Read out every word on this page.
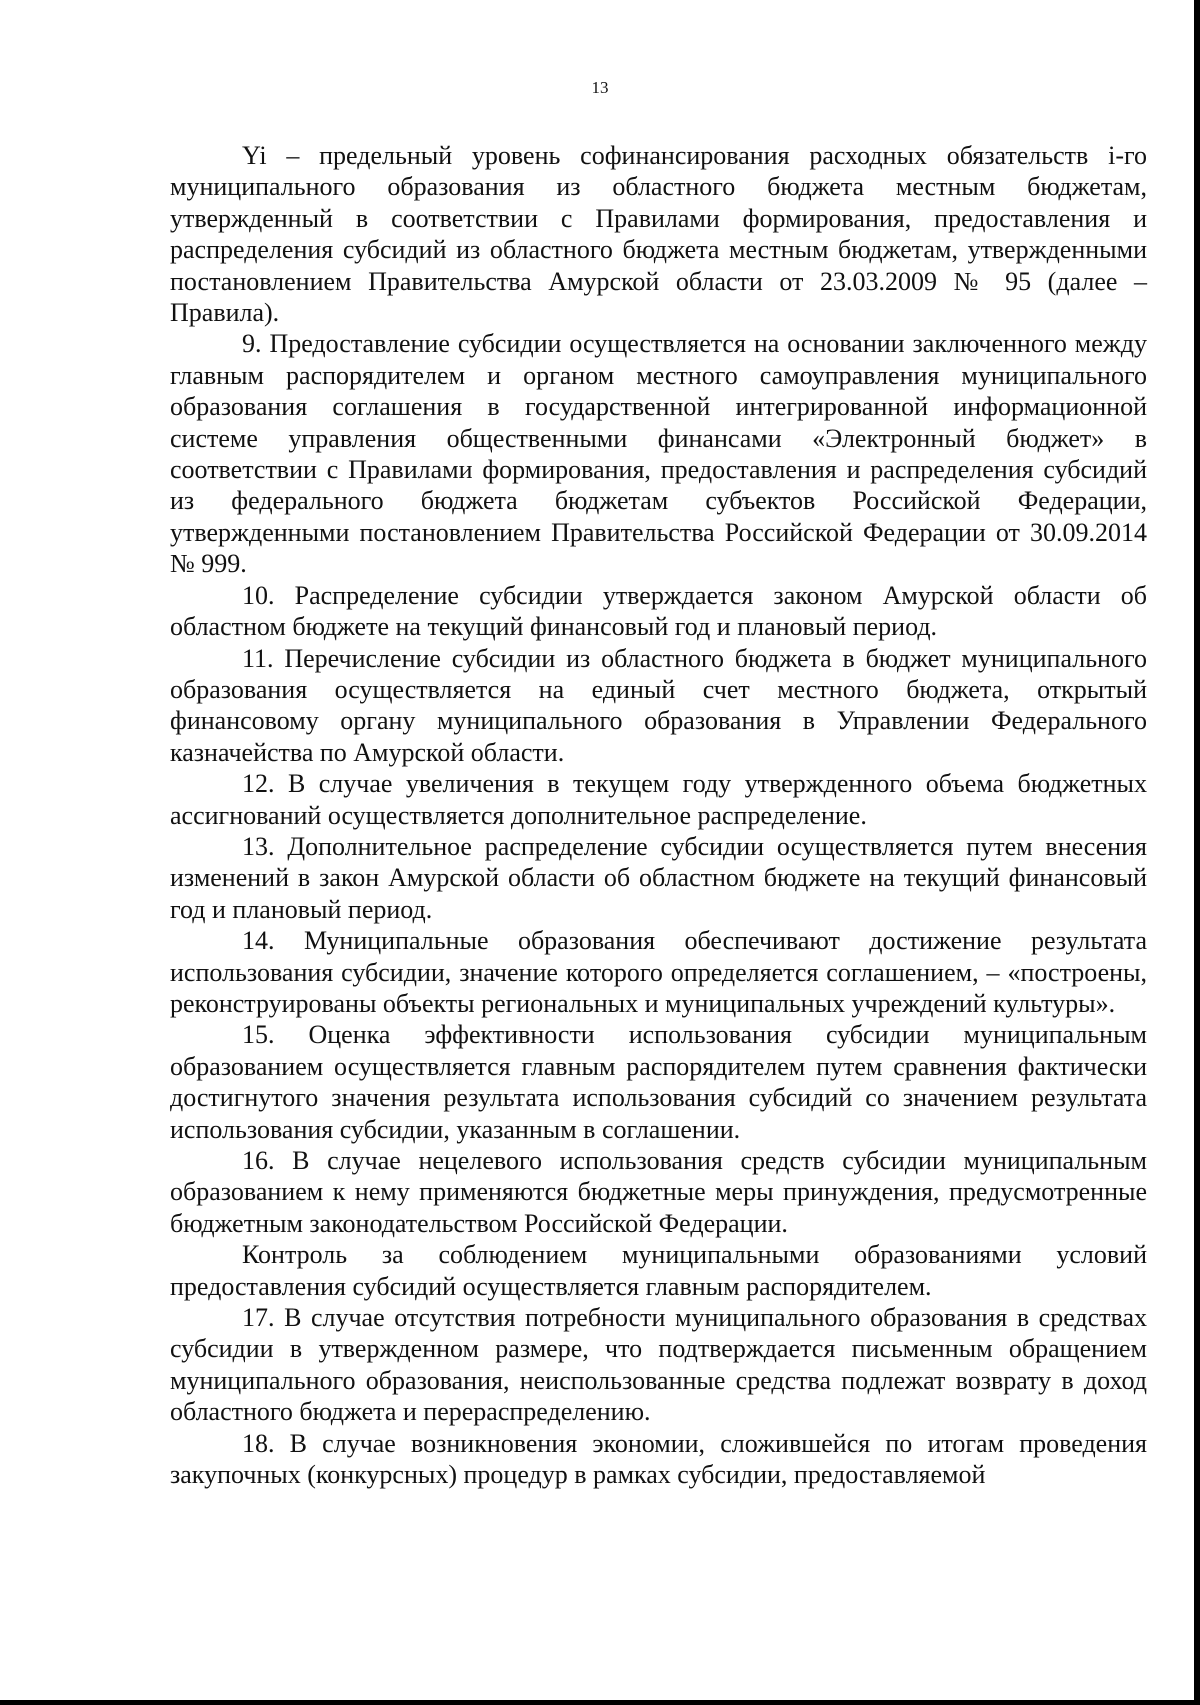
13

Yi – предельный уровень софинансирования расходных обязательств i-го муниципального образования из областного бюджета местным бюджетам, утвержденный в соответствии с Правилами формирования, предоставления и распределения субсидий из областного бюджета местным бюджетам, утвержденными постановлением Правительства Амурской области от 23.03.2009 № 95 (далее – Правила).

9. Предоставление субсидии осуществляется на основании заключенного между главным распорядителем и органом местного самоуправления муниципального образования соглашения в государственной интегрированной информационной системе управления общественными финансами «Электронный бюджет» в соответствии с Правилами формирования, предоставления и распределения субсидий из федерального бюджета бюджетам субъектов Российской Федерации, утвержденными постановлением Правительства Российской Федерации от 30.09.2014 № 999.

10. Распределение субсидии утверждается законом Амурской области об областном бюджете на текущий финансовый год и плановый период.

11. Перечисление субсидии из областного бюджета в бюджет муниципального образования осуществляется на единый счет местного бюджета, открытый финансовому органу муниципального образования в Управлении Федерального казначейства по Амурской области.

12. В случае увеличения в текущем году утвержденного объема бюджетных ассигнований осуществляется дополнительное распределение.

13. Дополнительное распределение субсидии осуществляется путем внесения изменений в закон Амурской области об областном бюджете на текущий финансовый год и плановый период.

14. Муниципальные образования обеспечивают достижение результата использования субсидии, значение которого определяется соглашением, – «построены, реконструированы объекты региональных и муниципальных учреждений культуры».

15. Оценка эффективности использования субсидии муниципальным образованием осуществляется главным распорядителем путем сравнения фактически достигнутого значения результата использования субсидий со значением результата использования субсидии, указанным в соглашении.

16. В случае нецелевого использования средств субсидии муниципальным образованием к нему применяются бюджетные меры принуждения, предусмотренные бюджетным законодательством Российской Федерации.

Контроль за соблюдением муниципальными образованиями условий предоставления субсидий осуществляется главным распорядителем.

17. В случае отсутствия потребности муниципального образования в средствах субсидии в утвержденном размере, что подтверждается письменным обращением муниципального образования, неиспользованные средства подлежат возврату в доход областного бюджета и перераспределению.

18. В случае возникновения экономии, сложившейся по итогам проведения закупочных (конкурсных) процедур в рамках субсидии, предоставляемой
